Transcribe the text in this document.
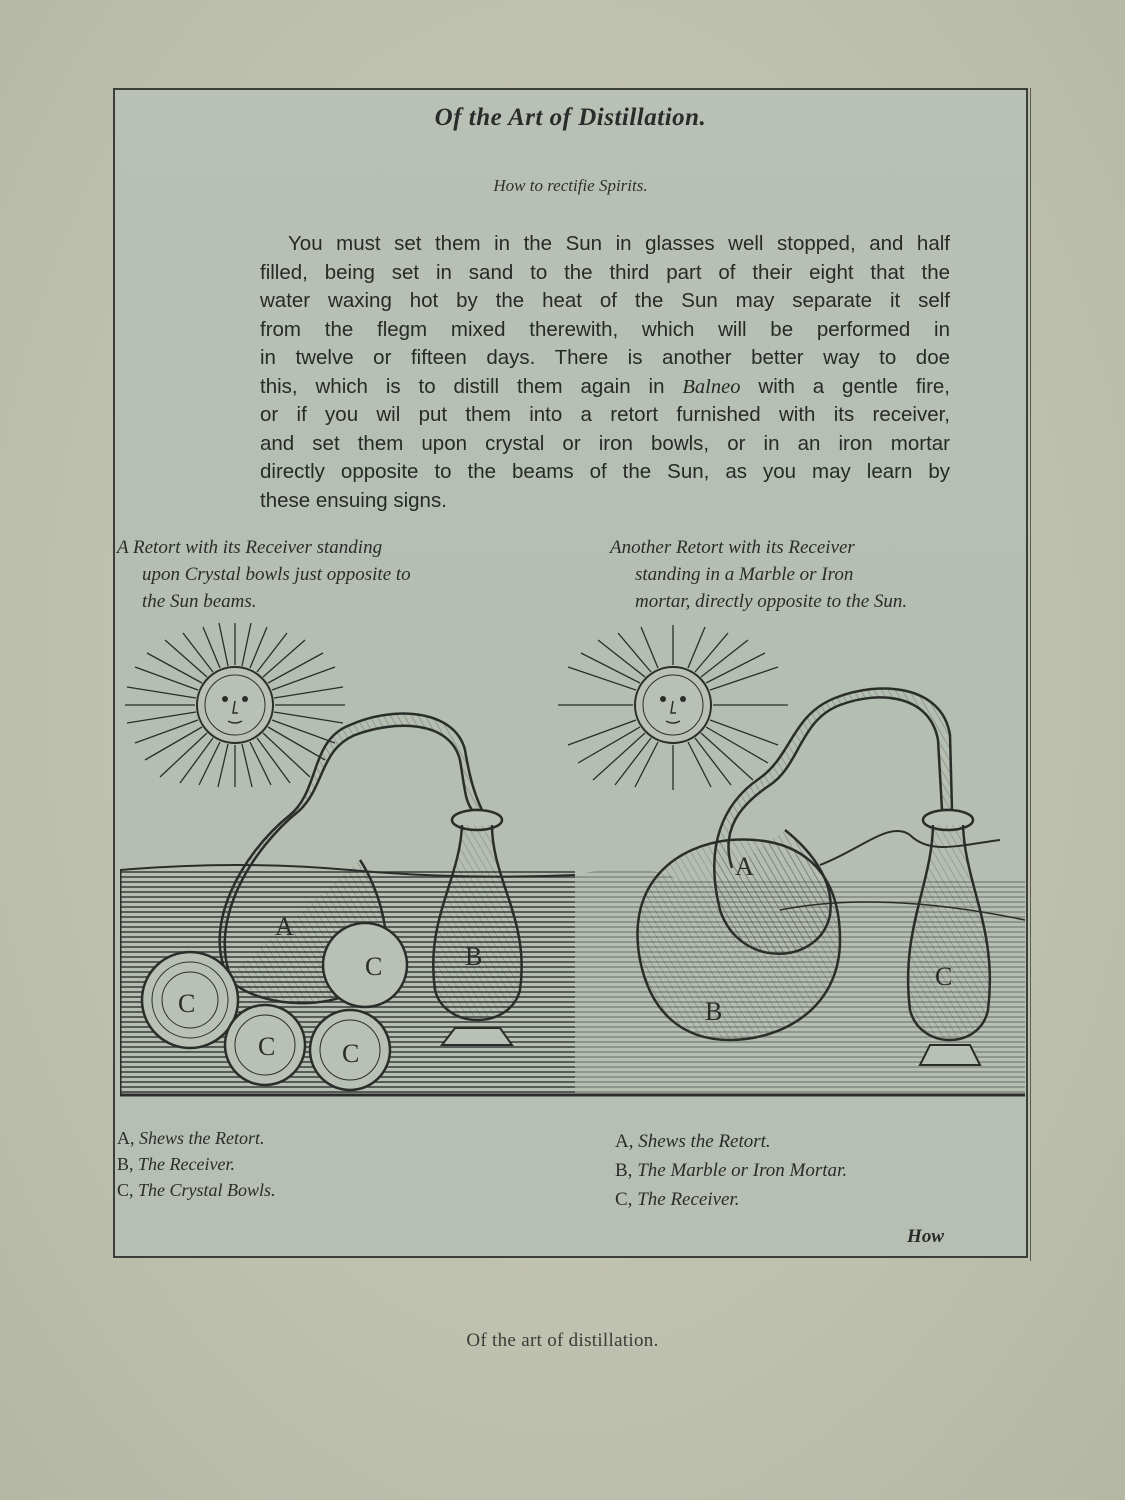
Of the Art of Distillation.
How to rectifie Spirits.
You must set them in the Sun in glasses well stopped, and half
filled, being set in sand to the third part of their eight that the
water waxing hot by the heat of the Sun may separate it self
from the flegm mixed therewith, which will be performed in
in twelve or fifteen days. There is another better way to doe
this, which is to distill them again in Balneo with a gentle fire,
or if you wil put them into a retort furnished with its receiver,
and set them upon crystal or iron bowls, or in an iron mortar
directly opposite to the beams of the Sun, as you may learn by
these ensuing signs.
A Retort with its Receiver standing
upon Crystal bowls just opposite to
the Sun beams.
Another Retort with its Receiver
standing in a Marble or Iron
mortar, directly opposite to the Sun.
A
B
C
C
C	C
B
A
C
A, Shews the Retort.
B, The Receiver.
C, The Crystal Bowls.
A, Shews the Retort.
B, The Marble or Iron Mortar.
C, The Receiver.
How
Of the art of distillation.
